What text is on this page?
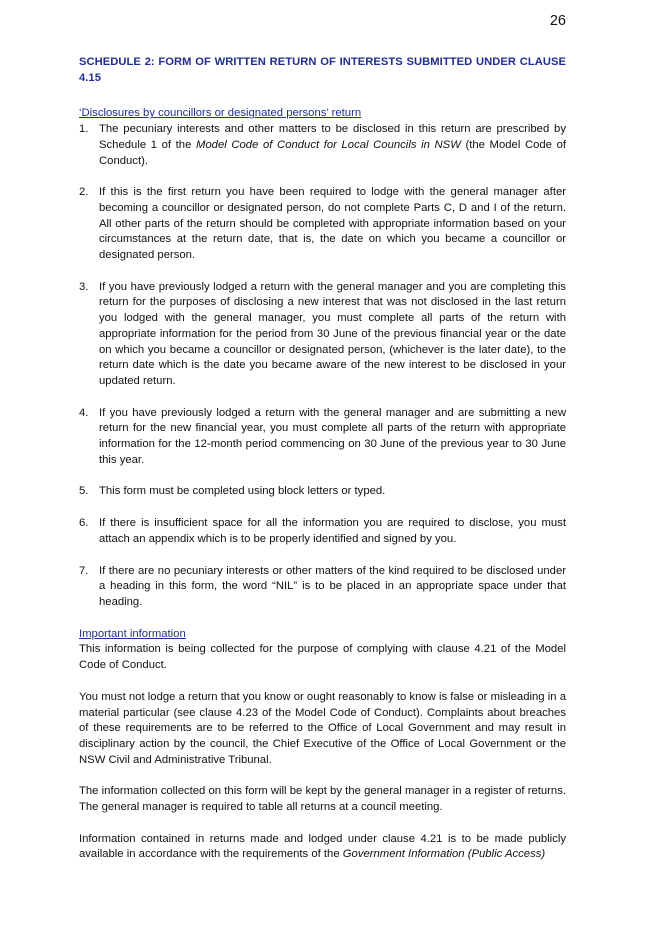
26

SCHEDULE 2: FORM OF WRITTEN RETURN OF INTERESTS SUBMITTED UNDER CLAUSE 4.15

‘Disclosures by councillors or designated persons’ return

1. The pecuniary interests and other matters to be disclosed in this return are prescribed by Schedule 1 of the Model Code of Conduct for Local Councils in NSW (the Model Code of Conduct).
2. If this is the first return you have been required to lodge with the general manager after becoming a councillor or designated person, do not complete Parts C, D and I of the return. All other parts of the return should be completed with appropriate information based on your circumstances at the return date, that is, the date on which you became a councillor or designated person.
3. If you have previously lodged a return with the general manager and you are completing this return for the purposes of disclosing a new interest that was not disclosed in the last return you lodged with the general manager, you must complete all parts of the return with appropriate information for the period from 30 June of the previous financial year or the date on which you became a councillor or designated person, (whichever is the later date), to the return date which is the date you became aware of the new interest to be disclosed in your updated return.
4. If you have previously lodged a return with the general manager and are submitting a new return for the new financial year, you must complete all parts of the return with appropriate information for the 12-month period commencing on 30 June of the previous year to 30 June this year.
5. This form must be completed using block letters or typed.
6. If there is insufficient space for all the information you are required to disclose, you must attach an appendix which is to be properly identified and signed by you.
7. If there are no pecuniary interests or other matters of the kind required to be disclosed under a heading in this form, the word “NIL” is to be placed in an appropriate space under that heading.

Important information

This information is being collected for the purpose of complying with clause 4.21 of the Model Code of Conduct.

You must not lodge a return that you know or ought reasonably to know is false or misleading in a material particular (see clause 4.23 of the Model Code of Conduct). Complaints about breaches of these requirements are to be referred to the Office of Local Government and may result in disciplinary action by the council, the Chief Executive of the Office of Local Government or the NSW Civil and Administrative Tribunal.

The information collected on this form will be kept by the general manager in a register of returns. The general manager is required to table all returns at a council meeting.

Information contained in returns made and lodged under clause 4.21 is to be made publicly available in accordance with the requirements of the Government Information (Public Access)
